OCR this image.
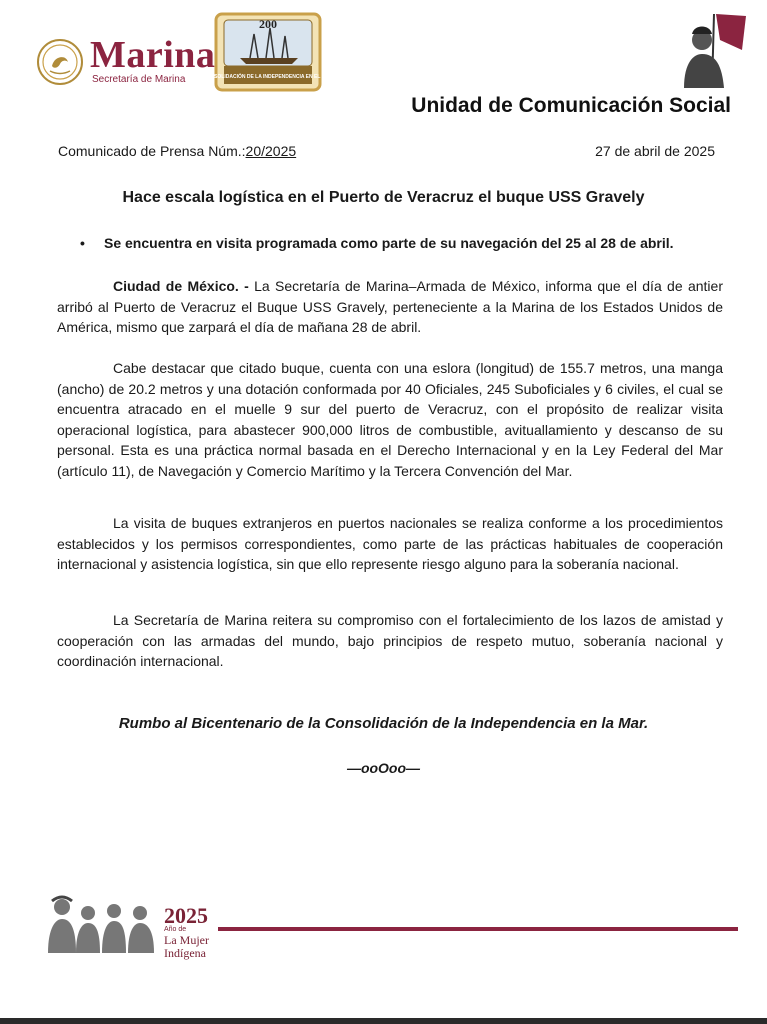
Marina
Secretaría de Marina
200
CONSOLIDACIÓN DE LA INDEPENDENCIA EN EL MAR
Unidad de Comunicación Social
Comunicado de Prensa Núm.:20/2025	27 de abril de 2025
Hace escala logística en el Puerto de Veracruz el buque USS Gravely
•	Se encuentra en visita programada como parte de su navegación del 25 al 28 de abril.
Ciudad de México. - La Secretaría de Marina–Armada de México, informa que el día de antier arribó al Puerto de Veracruz el Buque USS Gravely, perteneciente a la Marina de los Estados Unidos de América, mismo que zarpará el día de mañana 28 de abril.
Cabe destacar que citado buque, cuenta con una eslora (longitud) de 155.7 metros, una manga (ancho) de 20.2 metros y una dotación conformada por 40 Oficiales, 245 Suboficiales y 6 civiles, el cual se encuentra atracado en el muelle 9 sur del puerto de Veracruz, con el propósito de realizar visita operacional logística, para abastecer 900,000 litros de combustible, avituallamiento y descanso de su personal. Esta es una práctica normal basada en el Derecho Internacional y en la Ley Federal del Mar (artículo 11), de Navegación y Comercio Marítimo y la Tercera Convención del Mar.
La visita de buques extranjeros en puertos nacionales se realiza conforme a los procedimientos establecidos y los permisos correspondientes, como parte de las prácticas habituales de cooperación internacional y asistencia logística, sin que ello represente riesgo alguno para la soberanía nacional.
La Secretaría de Marina reitera su compromiso con el fortalecimiento de los lazos de amistad y cooperación con las armadas del mundo, bajo principios de respeto mutuo, soberanía nacional y coordinación internacional.
Rumbo al Bicentenario de la Consolidación de la Independencia en la Mar.
—ooOoo—
2025
Año de
La Mujer
Indígena
